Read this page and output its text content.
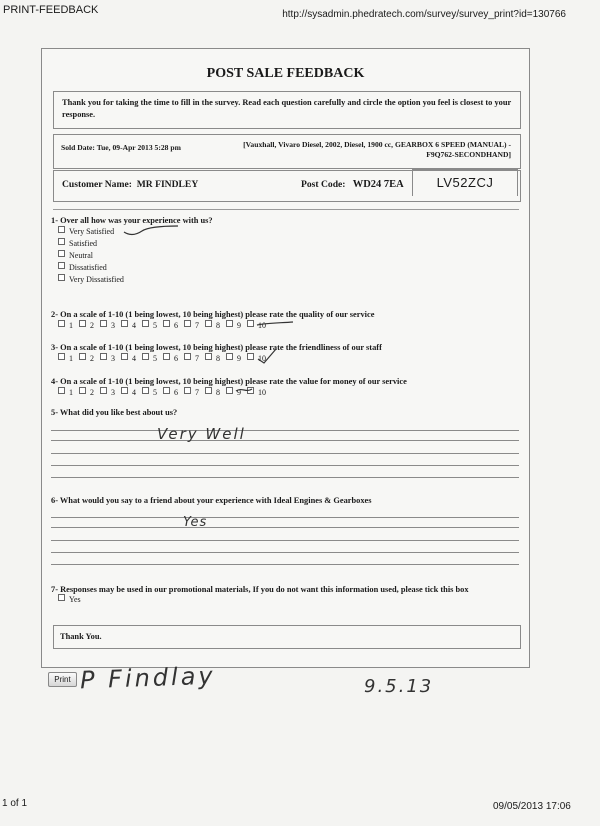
PRINT-FEEDBACK	http://sysadmin.phedratech.com/survey/survey_print?id=130766
POST SALE FEEDBACK

Thank you for taking the time to fill in the survey. Read each question carefully and circle the option you feel is closest to your response.

Sold Date: Tue, 09-Apr 2013 5:28 pm	[Vauxhall, Vivaro Diesel, 2002, Diesel, 1900 cc, GEARBOX 6 SPEED (MANUAL) -
F9Q762-SECONDHAND]
Customer Name: MR FINDLEY	Post Code: WD24 7EA	LV52ZCJ
1- Over all how was your experience with us?
Very Satisfied
Satisfied
Neutral
Dissatisfied
Very Dissatisfied
2- On a scale of 1-10 (1 being lowest, 10 being highest) please rate the quality of our service
1 2 3 4 5 6 7 8 9 10
3- On a scale of 1-10 (1 being lowest, 10 being highest) please rate the friendliness of our staff
1 2 3 4 5 6 7 8 9 10
4- On a scale of 1-10 (1 being lowest, 10 being highest) please rate the value for money of our service
1 2 3 4 5 6 7 8 9 10
5- What did you like best about us?
Very Well
6- What would you say to a friend about your experience with Ideal Engines & Gearboxes
Yes
7- Responses may be used in our promotional materials, If you do not want this information used, please tick this box
Yes
Thank You.
Print P Findlay	9.5.13
1 of 1	09/05/2013 17:06
